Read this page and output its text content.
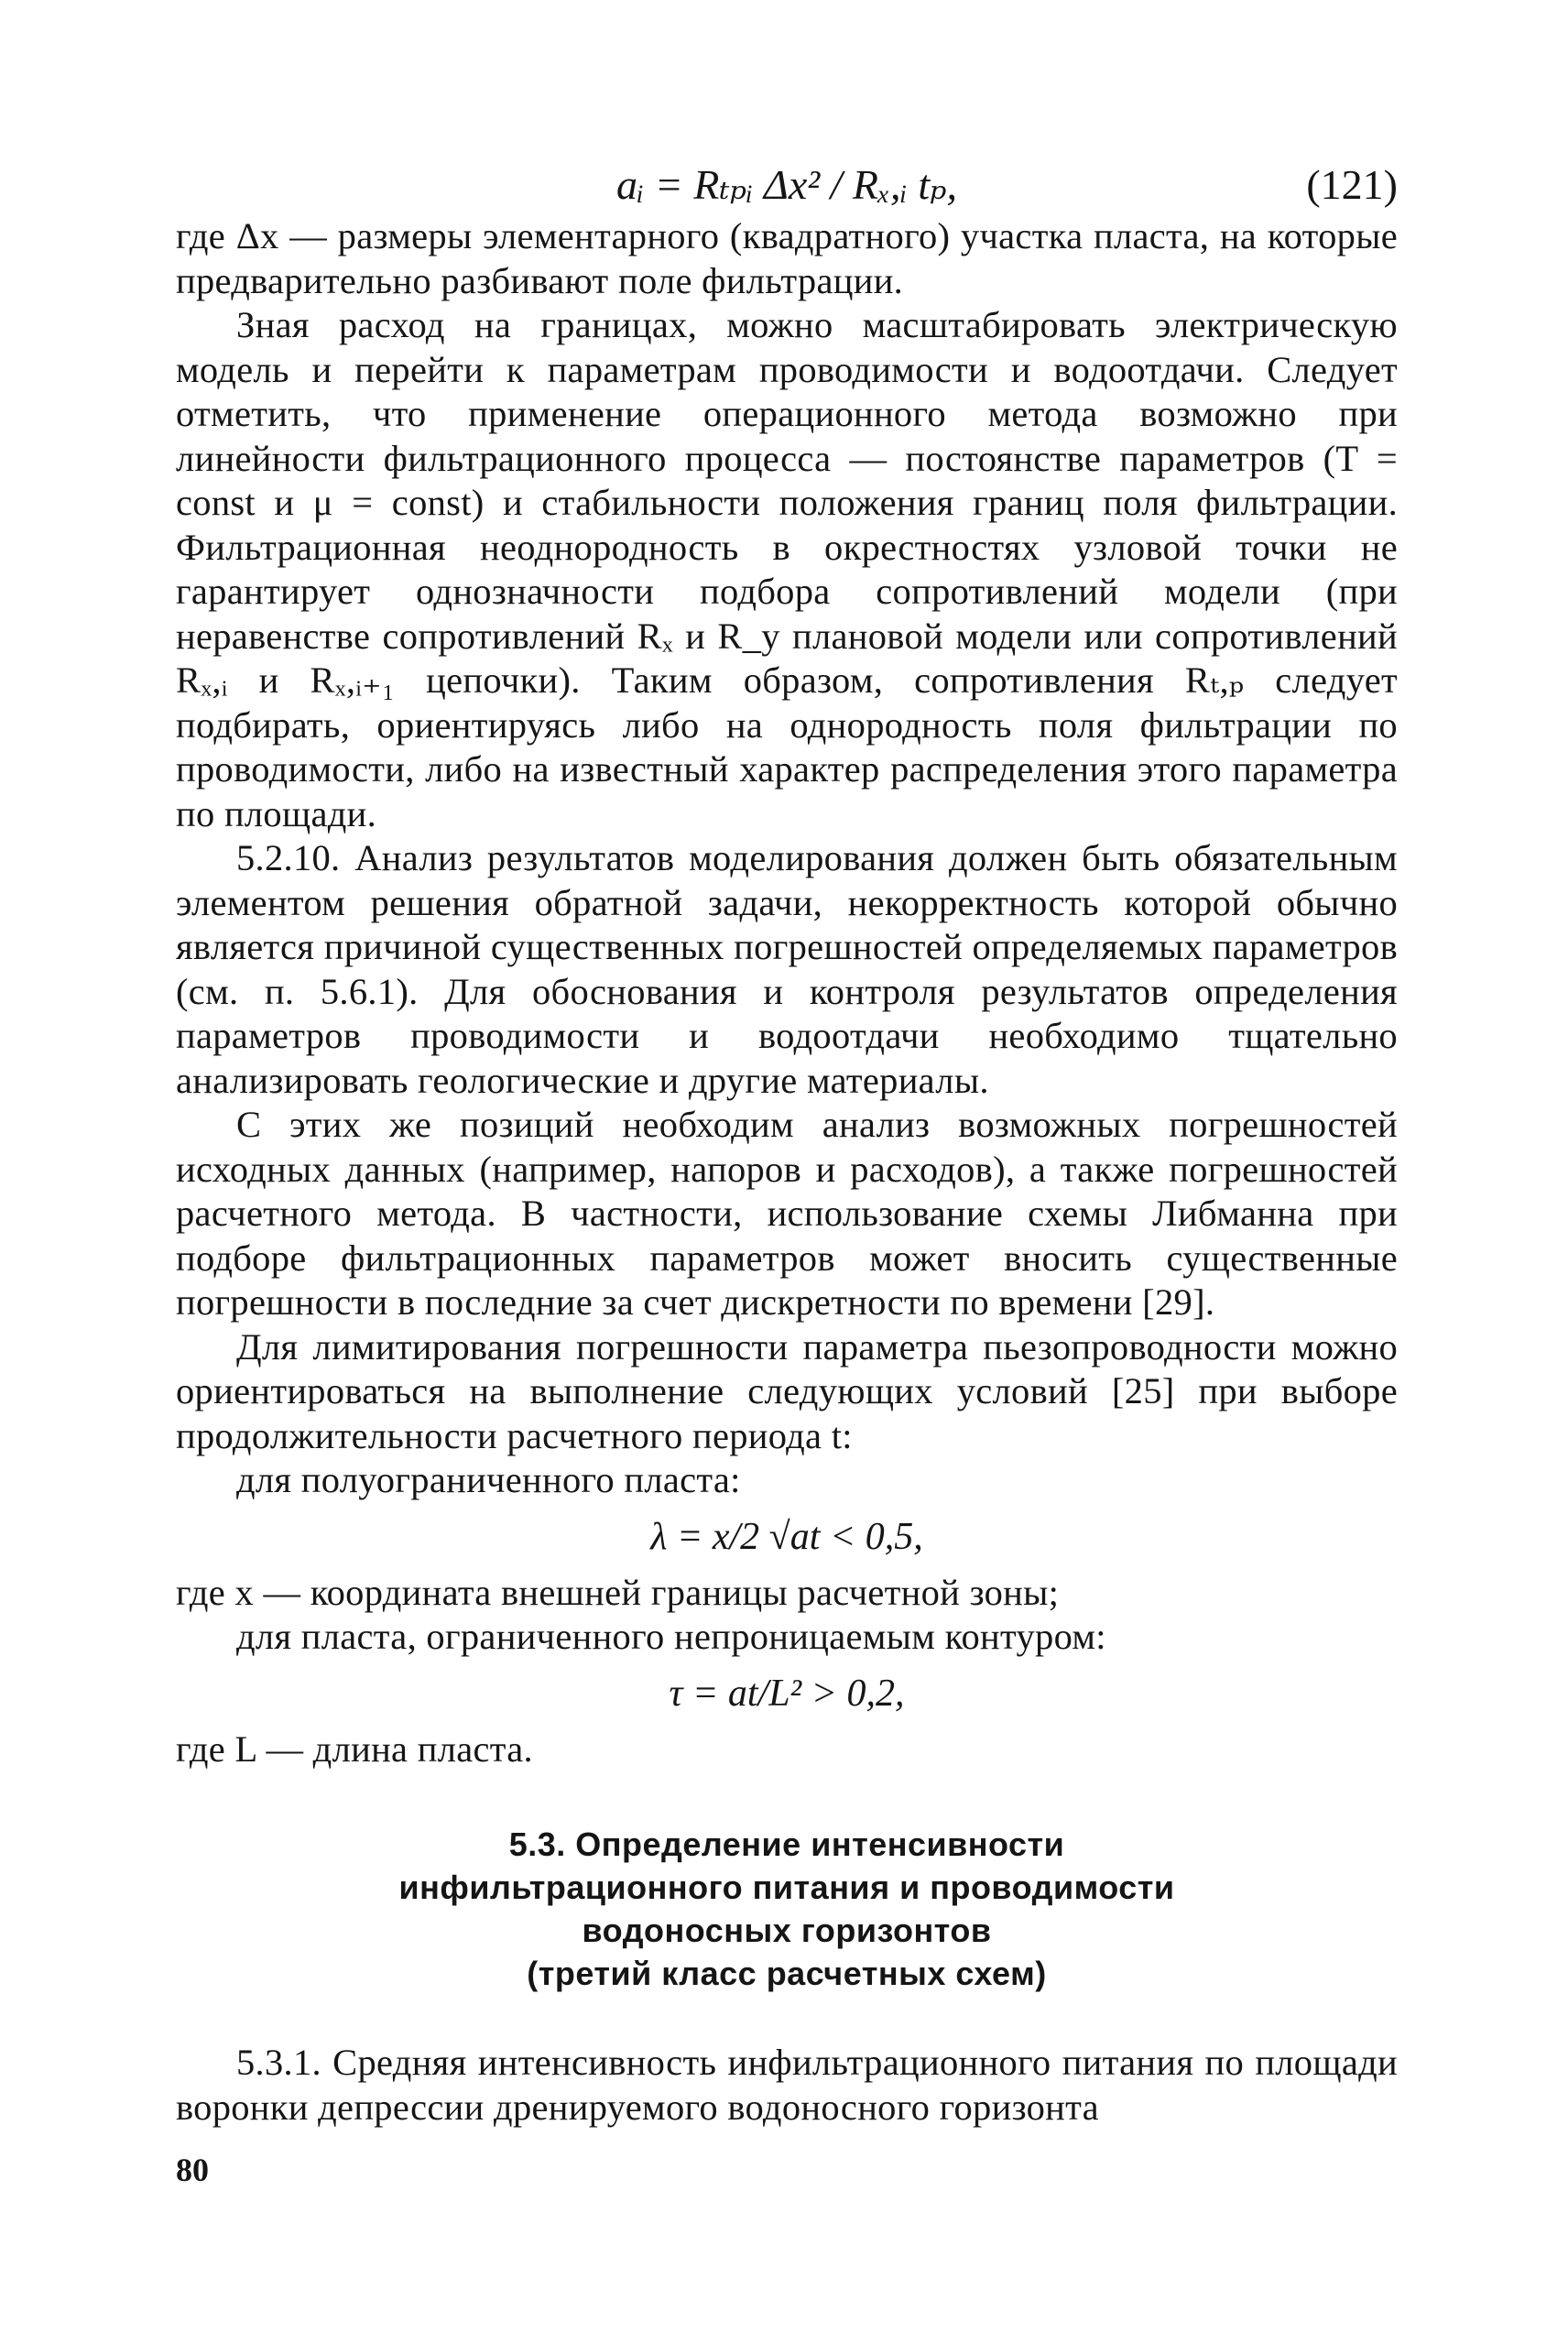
aᵢ = Rₜₚᵢ Δx² / Rₓ,ᵢ tₚ,	(121)

где Δx — размеры элементарного (квадратного) участка пласта, на которые предварительно разбивают поле фильтрации.

Зная расход на границах, можно масштабировать электрическую модель и перейти к параметрам проводимости и водоотдачи. Следует отметить, что применение операционного метода возможно при линейности фильтрационного процесса — постоянстве параметров (T = const и μ = const) и стабильности положения границ поля фильтрации. Фильтрационная неоднородность в окрестностях узловой точки не гарантирует однозначности подбора сопротивлений модели (при неравенстве сопротивлений Rₓ и R_y плановой модели или сопротивлений Rₓ,ᵢ и Rₓ,ᵢ₊₁ цепочки). Таким образом, сопротивления Rₜ,ₚ следует подбирать, ориентируясь либо на однородность поля фильтрации по проводимости, либо на известный характер распределения этого параметра по площади.

5.2.10. Анализ результатов моделирования должен быть обязательным элементом решения обратной задачи, некорректность которой обычно является причиной существенных погрешностей определяемых параметров (см. п. 5.6.1). Для обоснования и контроля результатов определения параметров проводимости и водоотдачи необходимо тщательно анализировать геологические и другие материалы.

С этих же позиций необходим анализ возможных погрешностей исходных данных (например, напоров и расходов), а также погрешностей расчетного метода. В частности, использование схемы Либманна при подборе фильтрационных параметров может вносить существенные погрешности в последние за счет дискретности по времени [29].

Для лимитирования погрешности параметра пьезопроводности можно ориентироваться на выполнение следующих условий [25] при выборе продолжительности расчетного периода t:

для полуограниченного пласта:

λ = x/2 √at < 0,5,

где x — координата внешней границы расчетной зоны;

для пласта, ограниченного непроницаемым контуром:

τ = at/L² > 0,2,

где L — длина пласта.

5.3. Определение интенсивности
инфильтрационного питания и проводимости
водоносных горизонтов
(третий класс расчетных схем)

5.3.1. Средняя интенсивность инфильтрационного питания по площади воронки депрессии дренируемого водоносного горизонта

80
